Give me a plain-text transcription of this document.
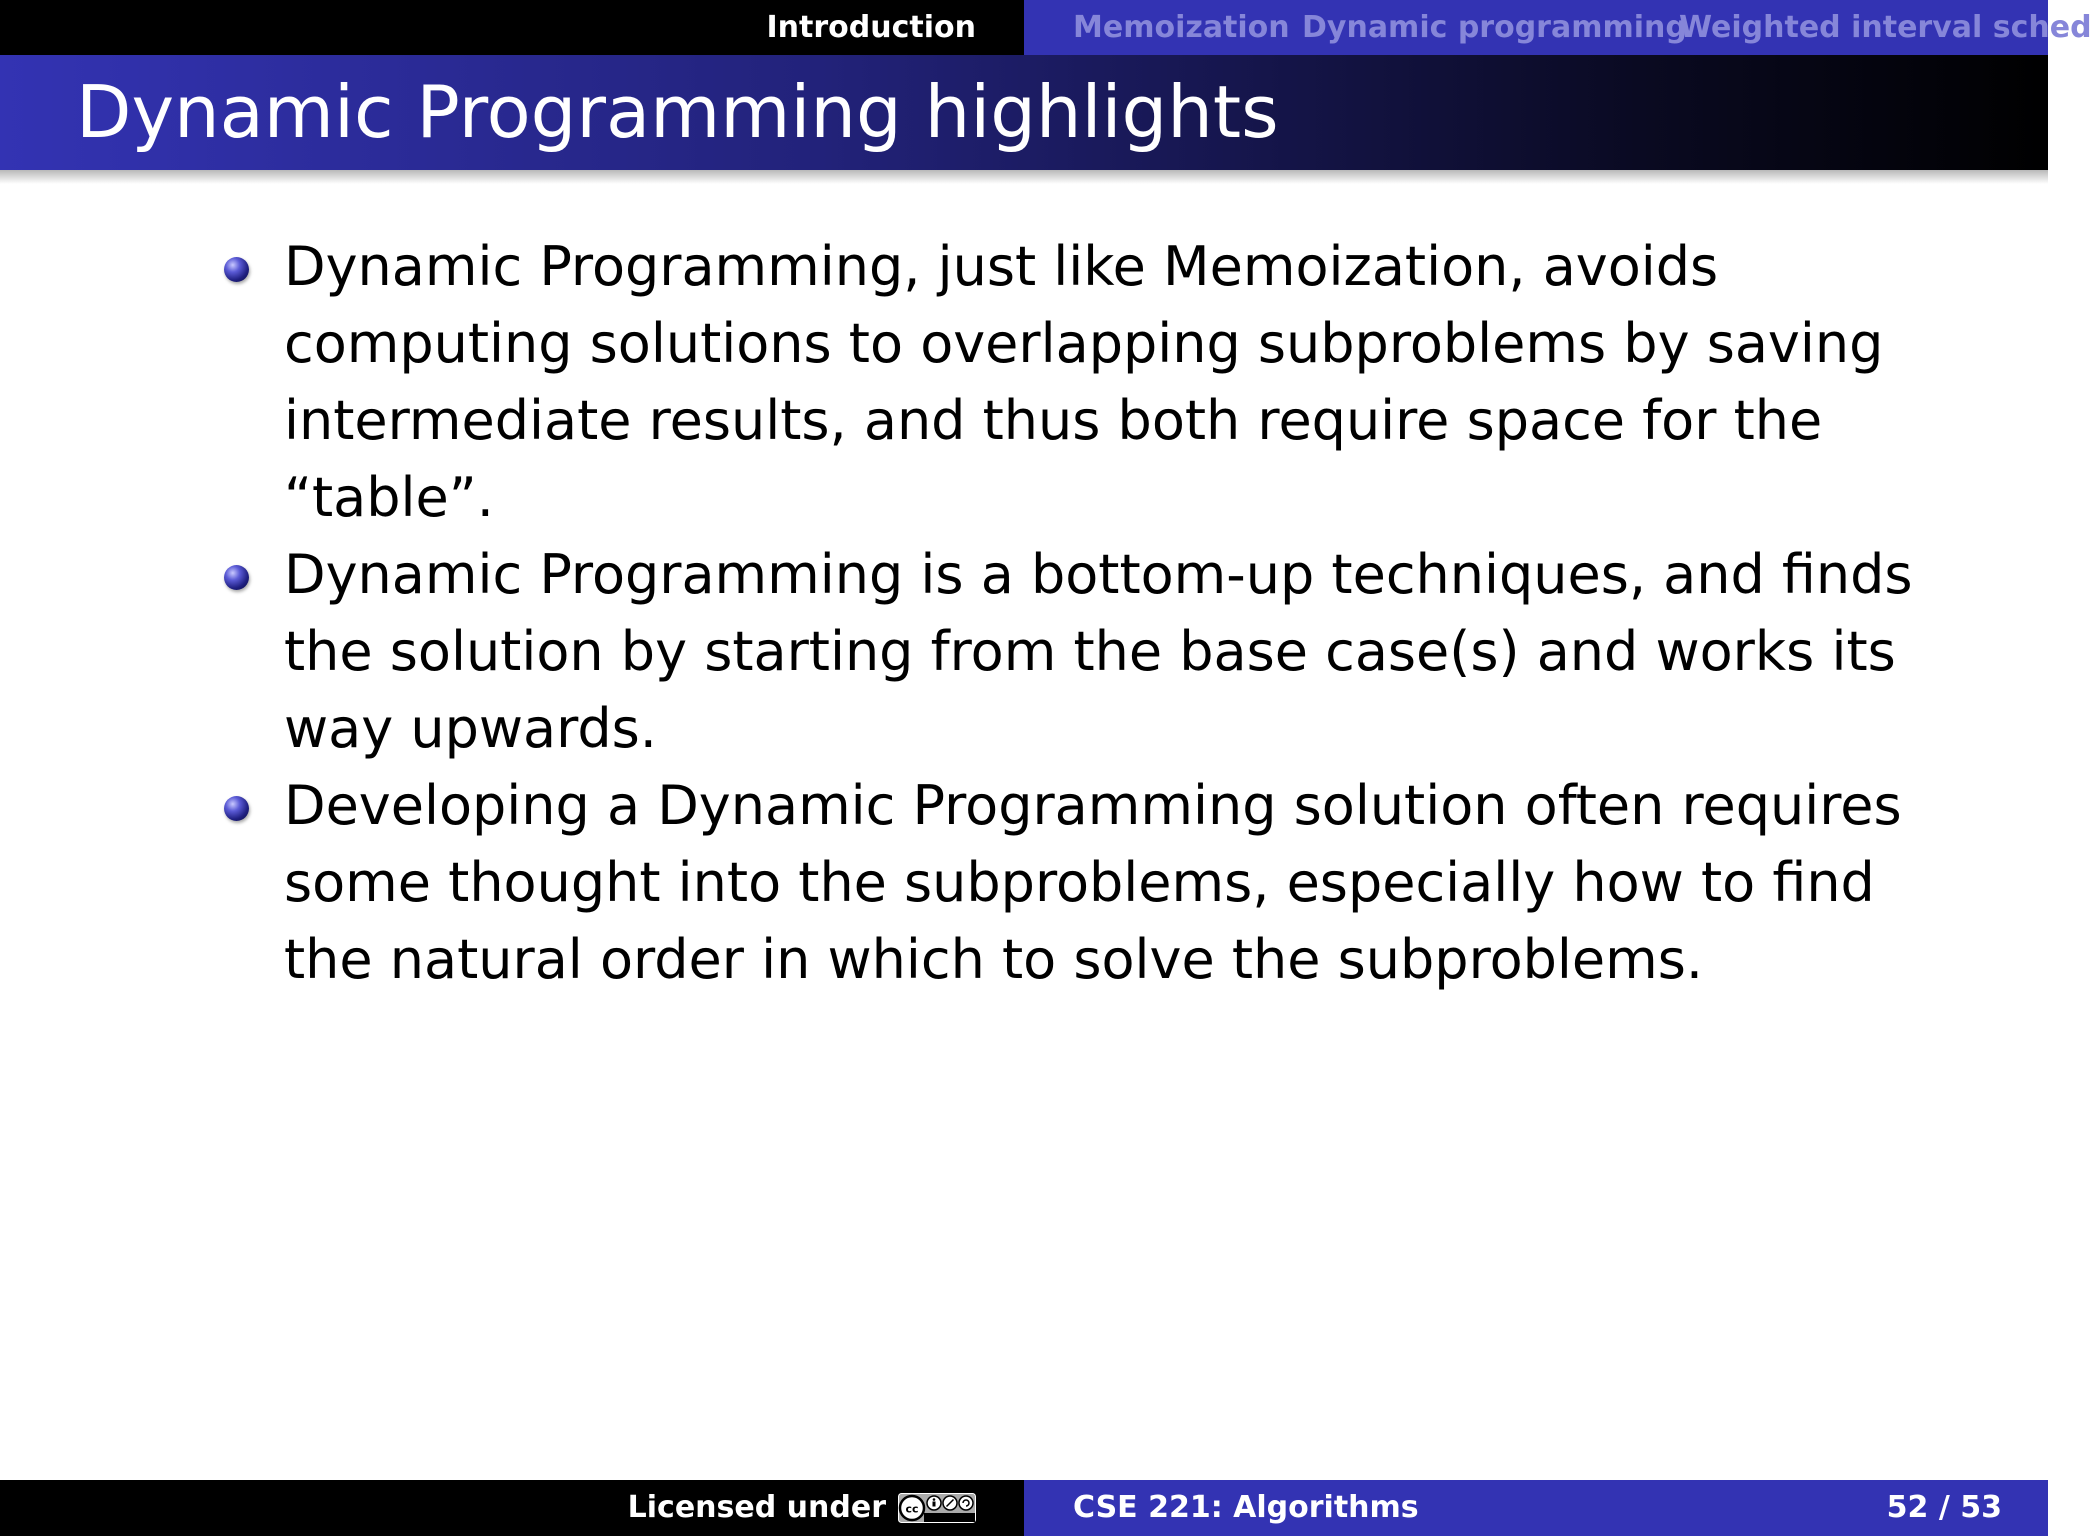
Introduction	Memoization Dynamic programming
Weighted interval sched
Dynamic Programming highlights
Dynamic Programming, just like Memoization, avoids computing solutions to overlapping subproblems by saving intermediate results, and thus both require space for the “table”.
Dynamic Programming is a bottom-up techniques, and finds the solution by starting from the base case(s) and works its way upwards.
Developing a Dynamic Programming solution often requires some thought into the subproblems, especially how to find the natural order in which to solve the subproblems.
Licensed under cc	CSE 221: Algorithms	52 / 53
